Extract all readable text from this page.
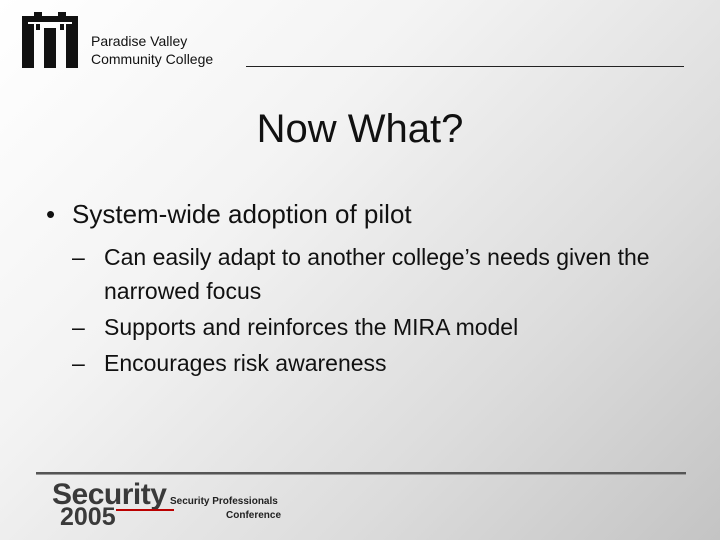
Paradise Valley
Community College
Now What?
• System-wide adoption of pilot
– Can easily adapt to another college’s needs given the narrowed focus
– Supports and reinforces the MIRA model
– Encourages risk awareness
Security
2005
Security Professionals
Conference
